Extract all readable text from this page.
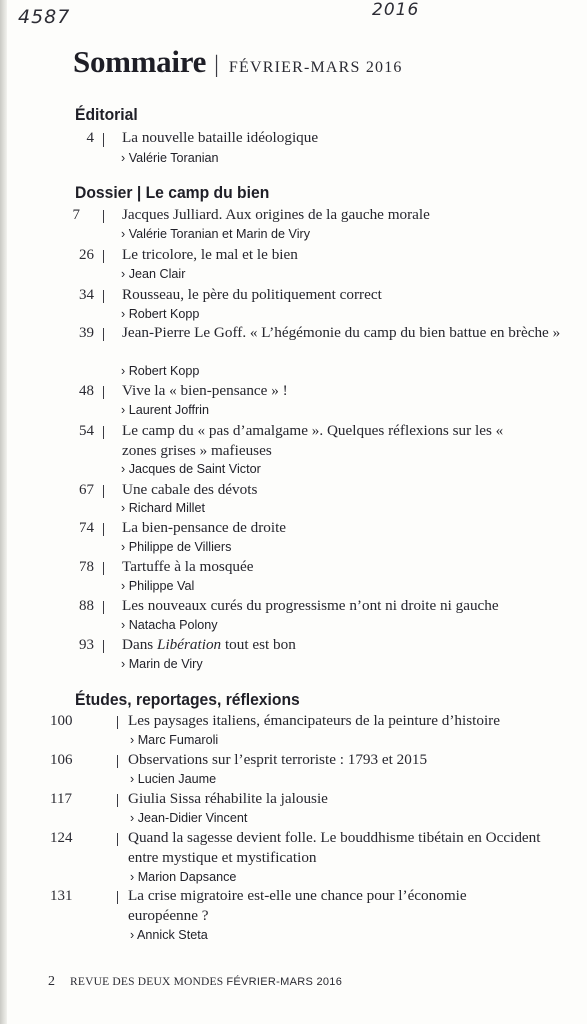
4587	2016
Sommaire | FÉVRIER-MARS 2016
Éditorial
4 La nouvelle bataille idéologique
› Valérie Toranian
Dossier | Le camp du bien
7	Jacques Julliard. Aux origines de la gauche morale
› Valérie Toranian et Marin de Viry
26 Le tricolore, le mal et le bien
› Jean Clair
34 Rousseau, le père du politiquement correct
› Robert Kopp
39 Jean-Pierre Le Goff. « L’hégémonie du camp du bien battue en brèche »
› Robert Kopp
48 Vive la « bien-pensance » !
› Laurent Joffrin
54 Le camp du « pas d’amalgame ». Quelques réflexions sur les « zones grises » mafieuses
› Jacques de Saint Victor
67 Une cabale des dévots
› Richard Millet
74 La bien-pensance de droite
› Philippe de Villiers
78 Tartuffe à la mosquée
› Philippe Val
88 Les nouveaux curés du progressisme n’ont ni droite ni gauche
› Natacha Polony
93 Dans Libération tout est bon
› Marin de Viry
Études, reportages, réflexions
100	Les paysages italiens, émancipateurs de la peinture d’histoire
› Marc Fumaroli
106	Observations sur l’esprit terroriste : 1793 et 2015
› Lucien Jaume
117	Giulia Sissa réhabilite la jalousie
› Jean-Didier Vincent
124	Quand la sagesse devient folle. Le bouddhisme tibétain en Occident entre mystique et mystification
› Marion Dapsance
131	La crise migratoire est-elle une chance pour l’économie européenne ?
› Annick Steta
2 REVUE DES DEUX MONDES FÉVRIER-MARS 2016
